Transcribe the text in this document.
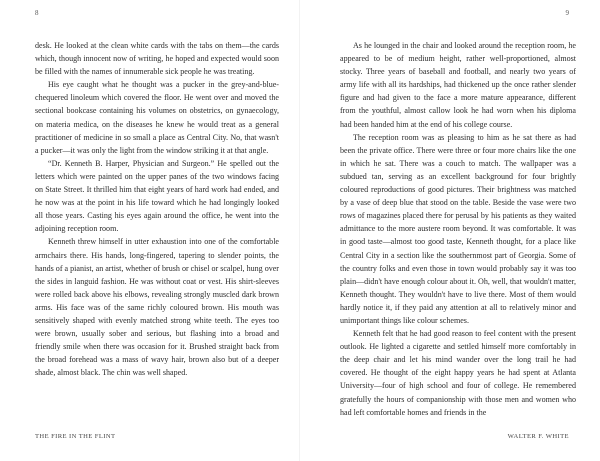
8

desk. He looked at the clean white cards with the tabs on them—the cards which, though innocent now of writing, he hoped and expected would soon be filled with the names of innumerable sick people he was treating.

His eye caught what he thought was a pucker in the grey-and-blue-chequered linoleum which covered the floor. He went over and moved the sectional bookcase containing his volumes on obstetrics, on gynaecology, on materia medica, on the diseases he knew he would treat as a general practitioner of medicine in so small a place as Central City. No, that wasn't a pucker—it was only the light from the window striking it at that angle.

“Dr. Kenneth B. Harper, Physician and Surgeon.” He spelled out the letters which were painted on the upper panes of the two windows facing on State Street. It thrilled him that eight years of hard work had ended, and he now was at the point in his life toward which he had longingly looked all those years. Casting his eyes again around the office, he went into the adjoining reception room.

Kenneth threw himself in utter exhaustion into one of the comfortable armchairs there. His hands, long-fingered, tapering to slender points, the hands of a pianist, an artist, whether of brush or chisel or scalpel, hung over the sides in languid fashion. He was without coat or vest. His shirt-sleeves were rolled back above his elbows, revealing strongly muscled dark brown arms. His face was of the same richly coloured brown. His mouth was sensitively shaped with evenly matched strong white teeth. The eyes too were brown, usually sober and serious, but flashing into a broad and friendly smile when there was occasion for it. Brushed straight back from the broad forehead was a mass of wavy hair, brown also but of a deeper shade, almost black. The chin was well shaped.

THE FIRE IN THE FLINT
9

As he lounged in the chair and looked around the reception room, he appeared to be of medium height, rather well-proportioned, almost stocky. Three years of baseball and football, and nearly two years of army life with all its hardships, had thickened up the once rather slender figure and had given to the face a more mature appearance, different from the youthful, almost callow look he had worn when his diploma had been handed him at the end of his college course.

The reception room was as pleasing to him as he sat there as had been the private office. There were three or four more chairs like the one in which he sat. There was a couch to match. The wallpaper was a subdued tan, serving as an excellent background for four brightly coloured reproductions of good pictures. Their brightness was matched by a vase of deep blue that stood on the table. Beside the vase were two rows of magazines placed there for perusal by his patients as they waited admittance to the more austere room beyond. It was comfortable. It was in good taste—almost too good taste, Kenneth thought, for a place like Central City in a section like the southernmost part of Georgia. Some of the country folks and even those in town would probably say it was too plain—didn't have enough colour about it. Oh, well, that wouldn't matter, Kenneth thought. They wouldn't have to live there. Most of them would hardly notice it, if they paid any attention at all to relatively minor and unimportant things like colour schemes.

Kenneth felt that he had good reason to feel content with the present outlook. He lighted a cigarette and settled himself more comfortably in the deep chair and let his mind wander over the long trail he had covered. He thought of the eight happy years he had spent at Atlanta University—four of high school and four of college. He remembered gratefully the hours of companionship with those men and women who had left comfortable homes and friends in the

WALTER F. WHITE
